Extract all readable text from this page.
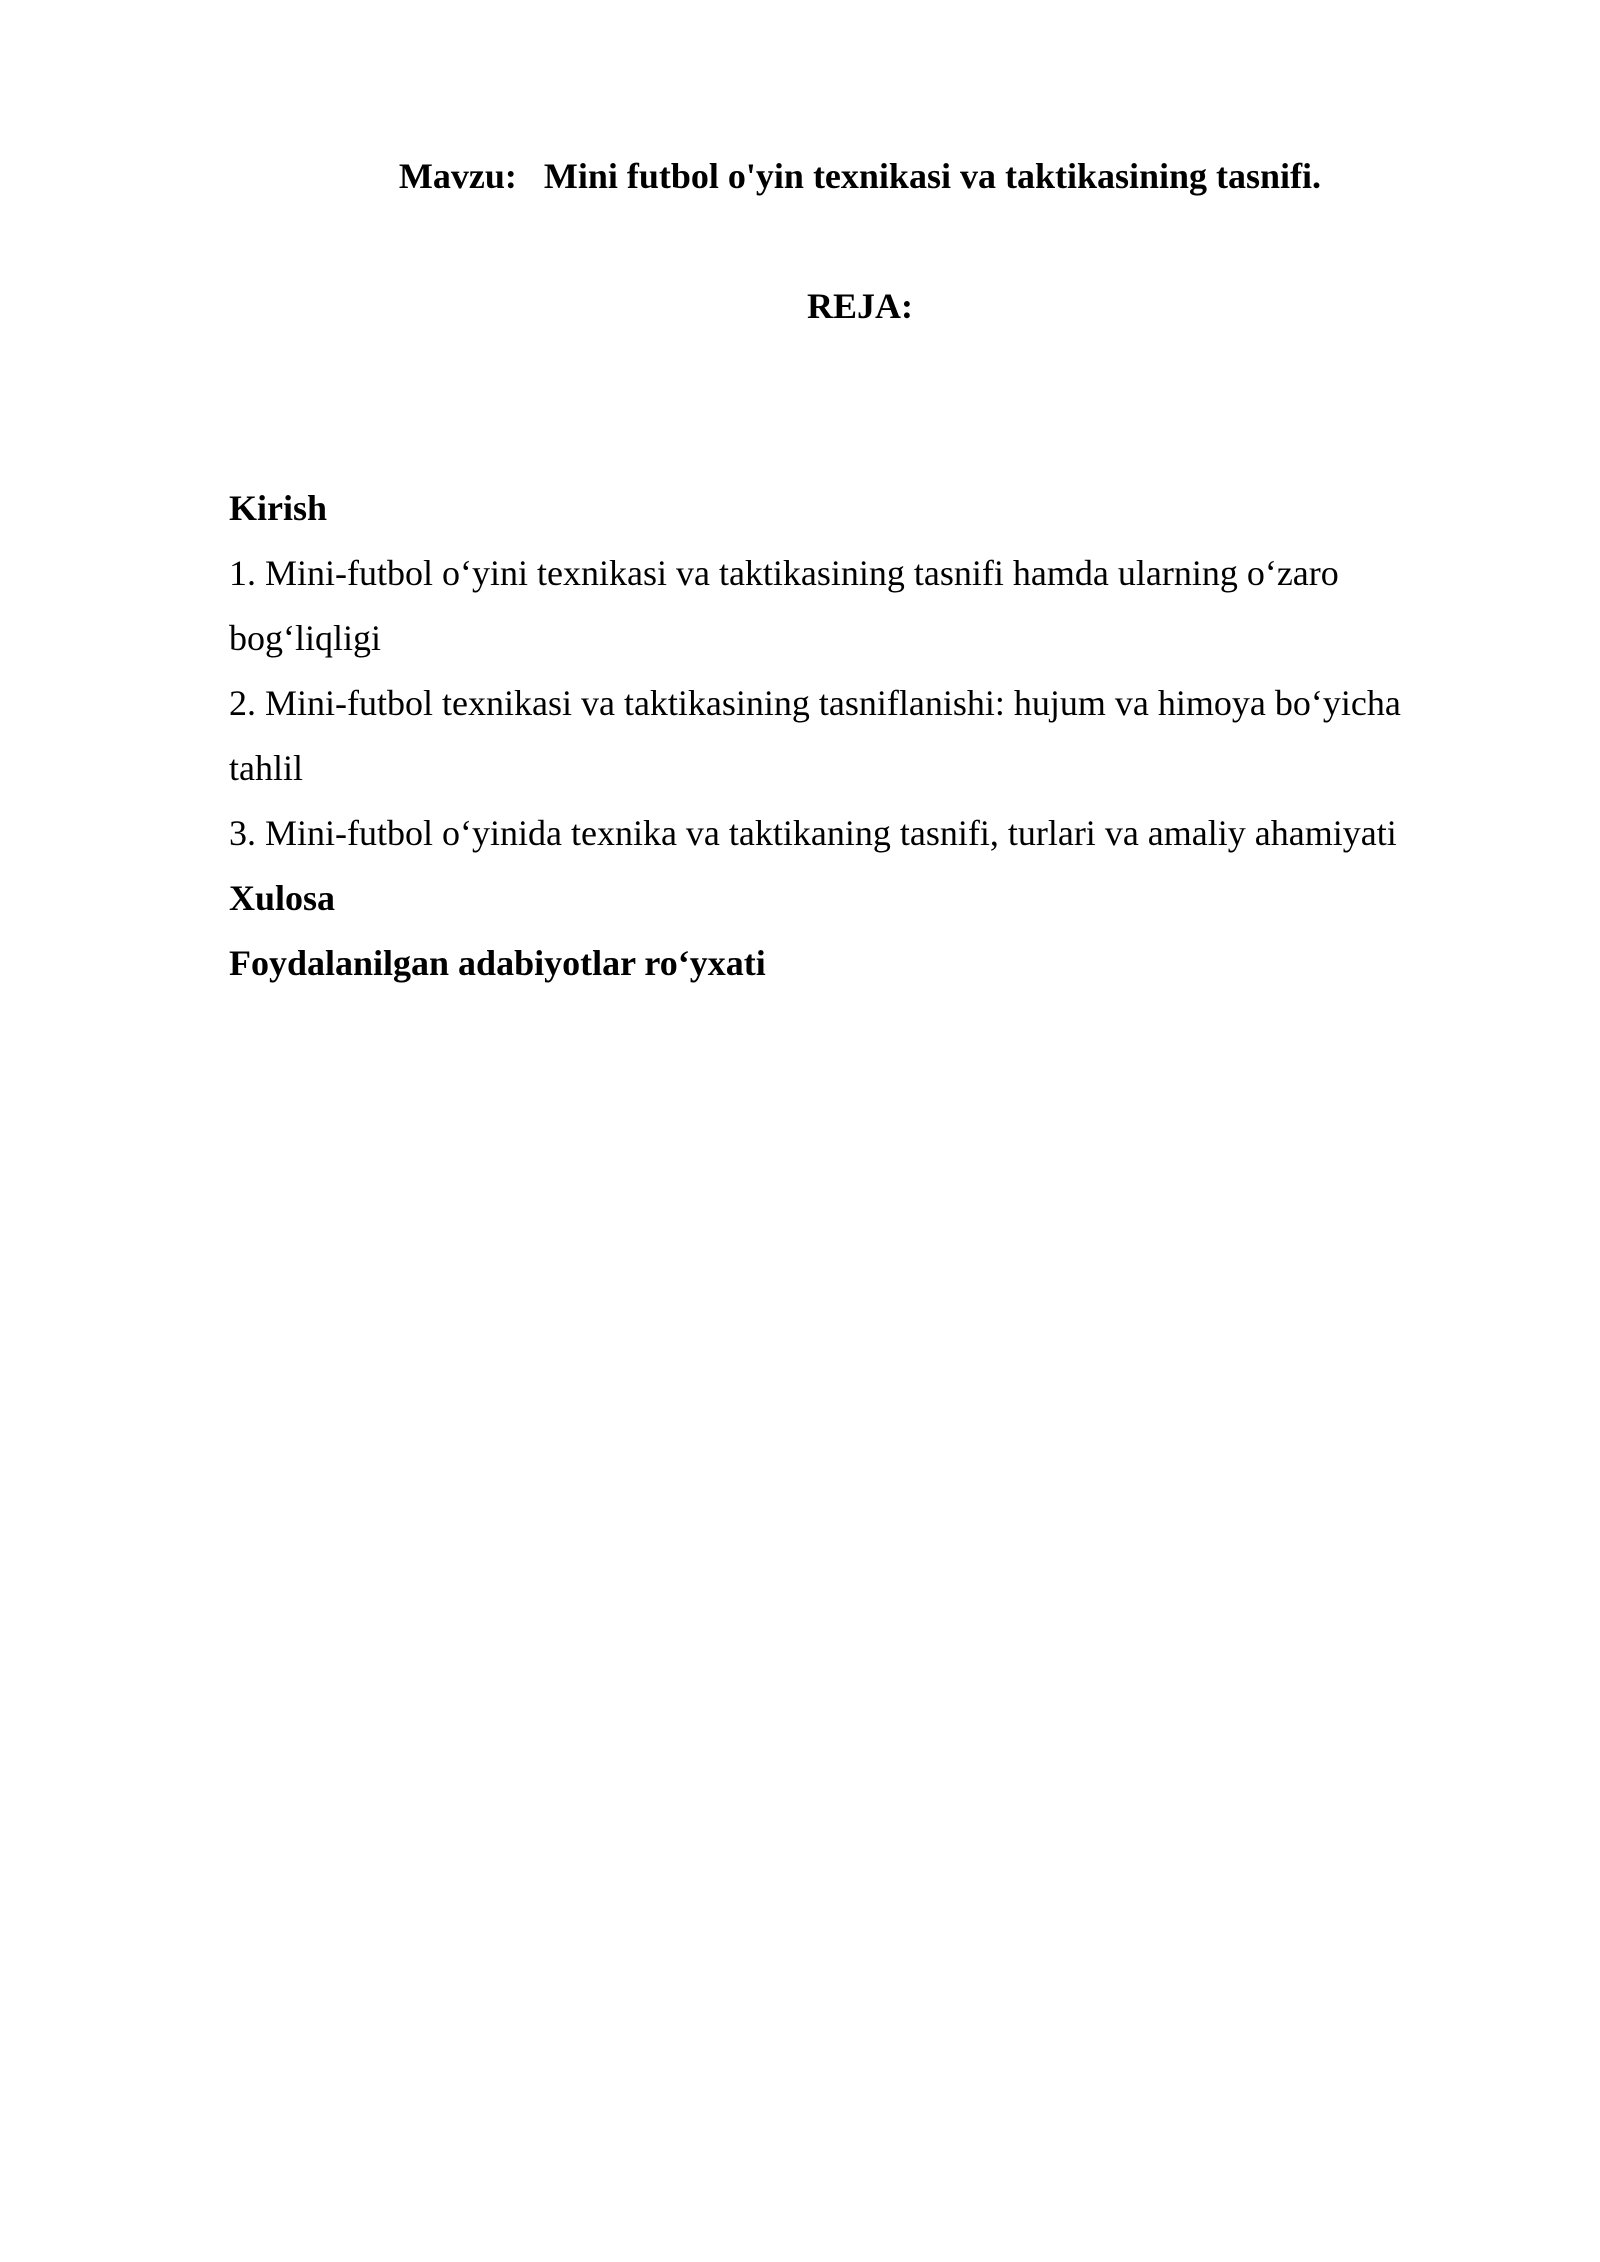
Mavzu:   Mini futbol o'yin texnikasi va taktikasining tasnifi.
REJA:
Kirish
1. Mini-futbol o‘yini texnikasi va taktikasining tasnifi hamda ularning o‘zaro bog‘liqligi
2. Mini-futbol texnikasi va taktikasining tasniflanishi: hujum va himoya bo‘yicha tahlil
3. Mini-futbol o‘yinida texnika va taktikaning tasnifi, turlari va amaliy ahamiyati
Xulosa
Foydalanilgan adabiyotlar ro‘yxati
